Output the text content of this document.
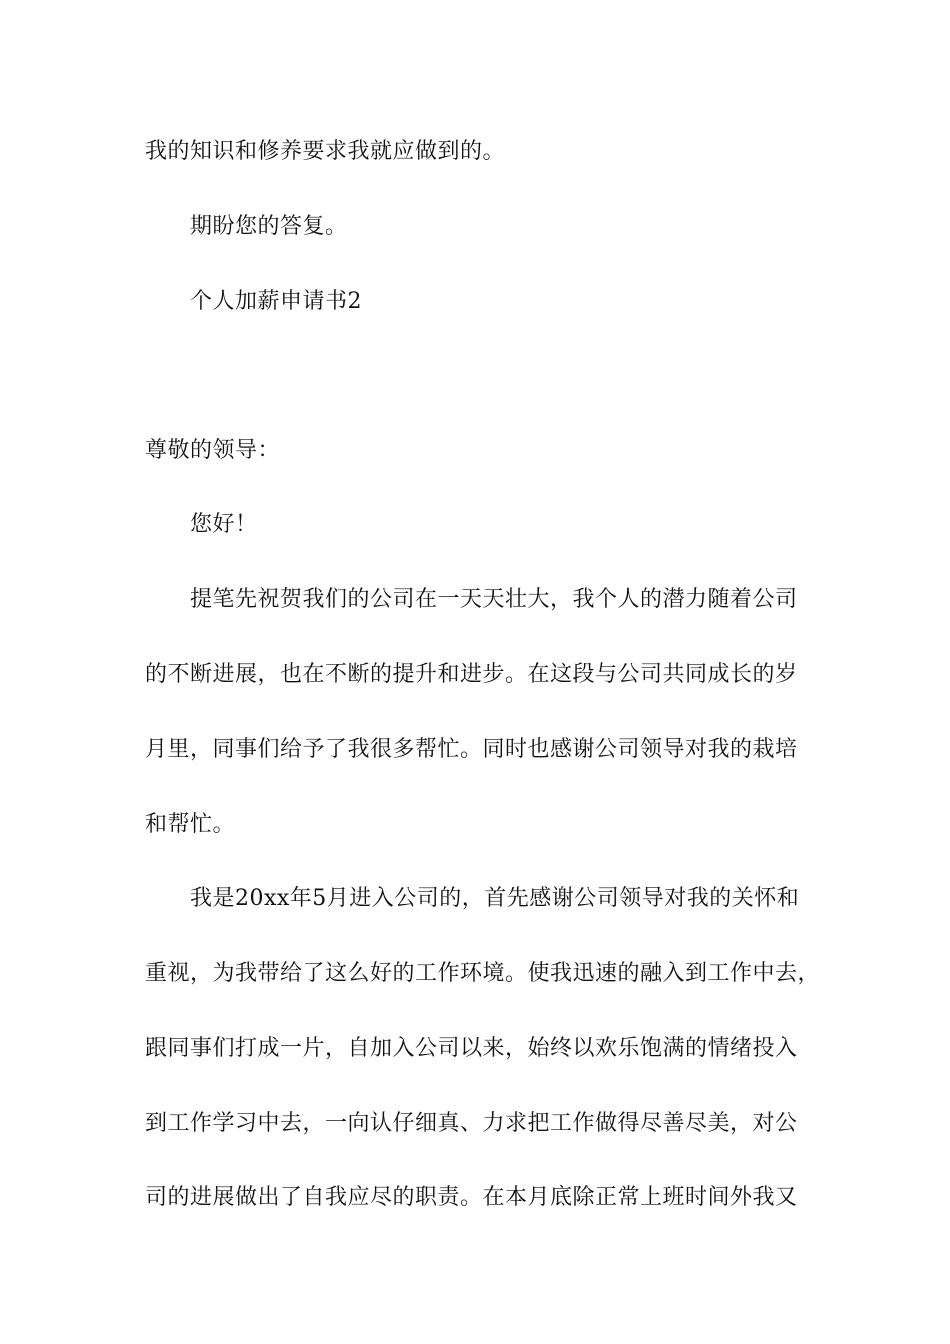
我的知识和修养要求我就应做到的。
期盼您的答复。
个人加薪申请书2
尊敬的领导：
您好！
提笔先祝贺我们的公司在一天天壮大，我个人的潜力随着公司
的不断进展，也在不断的提升和进步。在这段与公司共同成长的岁
月里，同事们给予了我很多帮忙。同时也感谢公司领导对我的栽培
和帮忙。
我是20xx年5月进入公司的，首先感谢公司领导对我的关怀和
重视，为我带给了这么好的工作环境。使我迅速的融入到工作中去，
跟同事们打成一片，自加入公司以来，始终以欢乐饱满的情绪投入
到工作学习中去，一向认仔细真、力求把工作做得尽善尽美，对公
司的进展做出了自我应尽的职责。在本月底除正常上班时间外我又
